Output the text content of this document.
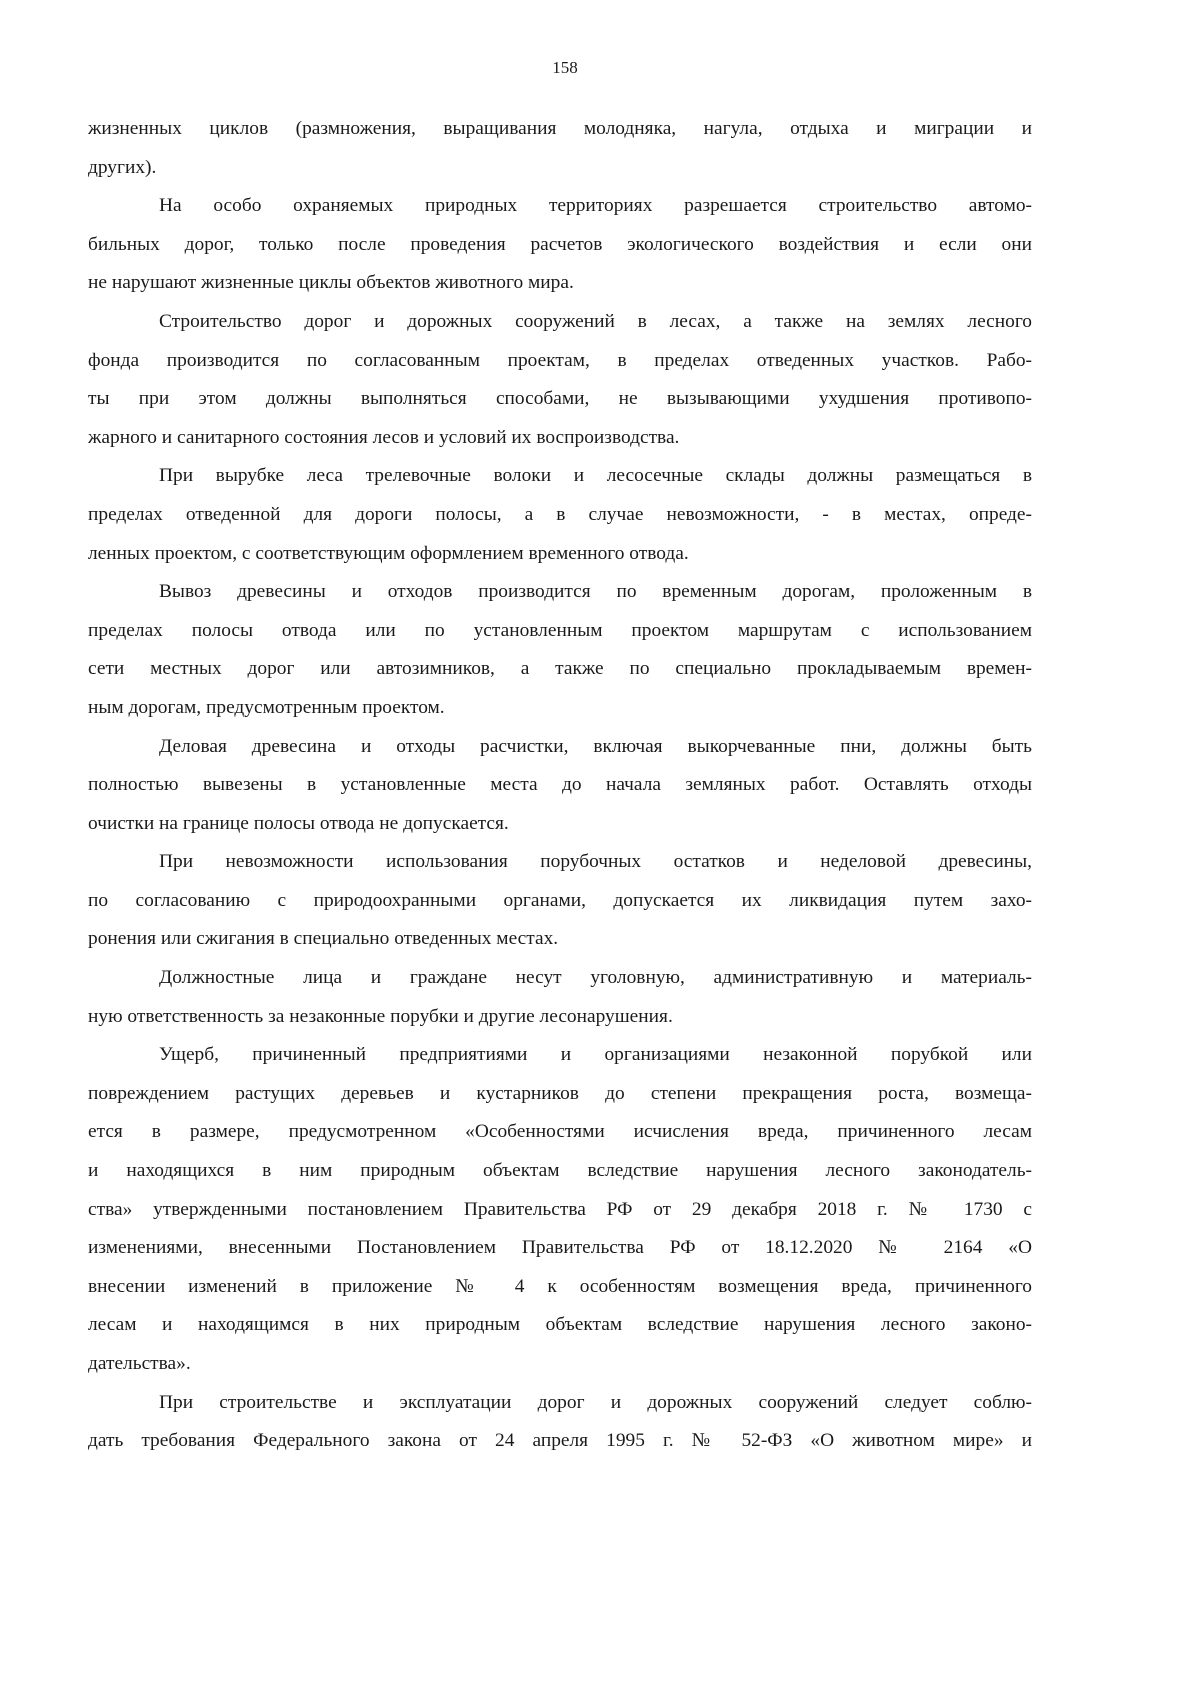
158
жизненных циклов (размножения, выращивания молодняка, нагула, отдыха и миграции и
других).
На особо охраняемых природных территориях разрешается строительство автомо-
бильных дорог, только после проведения расчетов экологического воздействия и если они
не нарушают жизненные циклы объектов животного мира.
Строительство дорог и дорожных сооружений в лесах, а также на землях лесного
фонда производится по согласованным проектам, в пределах отведенных участков. Рабо-
ты при этом должны выполняться способами, не вызывающими ухудшения противопо-
жарного и санитарного состояния лесов и условий их воспроизводства.
При вырубке леса трелевочные волоки и лесосечные склады должны размещаться в
пределах отведенной для дороги полосы, а в случае невозможности, - в местах, опреде-
ленных проектом, с соответствующим оформлением временного отвода.
Вывоз древесины и отходов производится по временным дорогам, проложенным в
пределах полосы отвода или по установленным проектом маршрутам с использованием
сети местных дорог или автозимников, а также по специально прокладываемым времен-
ным дорогам, предусмотренным проектом.
Деловая древесина и отходы расчистки, включая выкорчеванные пни, должны быть
полностью вывезены в установленные места до начала земляных работ. Оставлять отходы
очистки на границе полосы отвода не допускается.
При невозможности использования порубочных остатков и неделовой древесины,
по согласованию с природоохранными органами, допускается их ликвидация путем захо-
ронения или сжигания в специально отведенных местах.
Должностные лица и граждане несут уголовную, административную и материаль-
ную ответственность за незаконные порубки и другие лесонарушения.
Ущерб, причиненный предприятиями и организациями незаконной порубкой или
повреждением растущих деревьев и кустарников до степени прекращения роста, возмеща-
ется в размере, предусмотренном «Особенностями исчисления вреда, причиненного лесам
и находящихся в ним природным объектам вследствие нарушения лесного законодатель-
ства» утвержденными постановлением Правительства РФ от 29 декабря 2018 г. № 1730 с
изменениями, внесенными Постановлением Правительства РФ от 18.12.2020 № 2164 «О
внесении изменений в приложение № 4 к особенностям возмещения вреда, причиненного
лесам и находящимся в них природным объектам вследствие нарушения лесного законо-
дательства».
При строительстве и эксплуатации дорог и дорожных сооружений следует соблю-
дать требования Федерального закона от 24 апреля 1995 г. № 52-ФЗ «О животном мире» и
